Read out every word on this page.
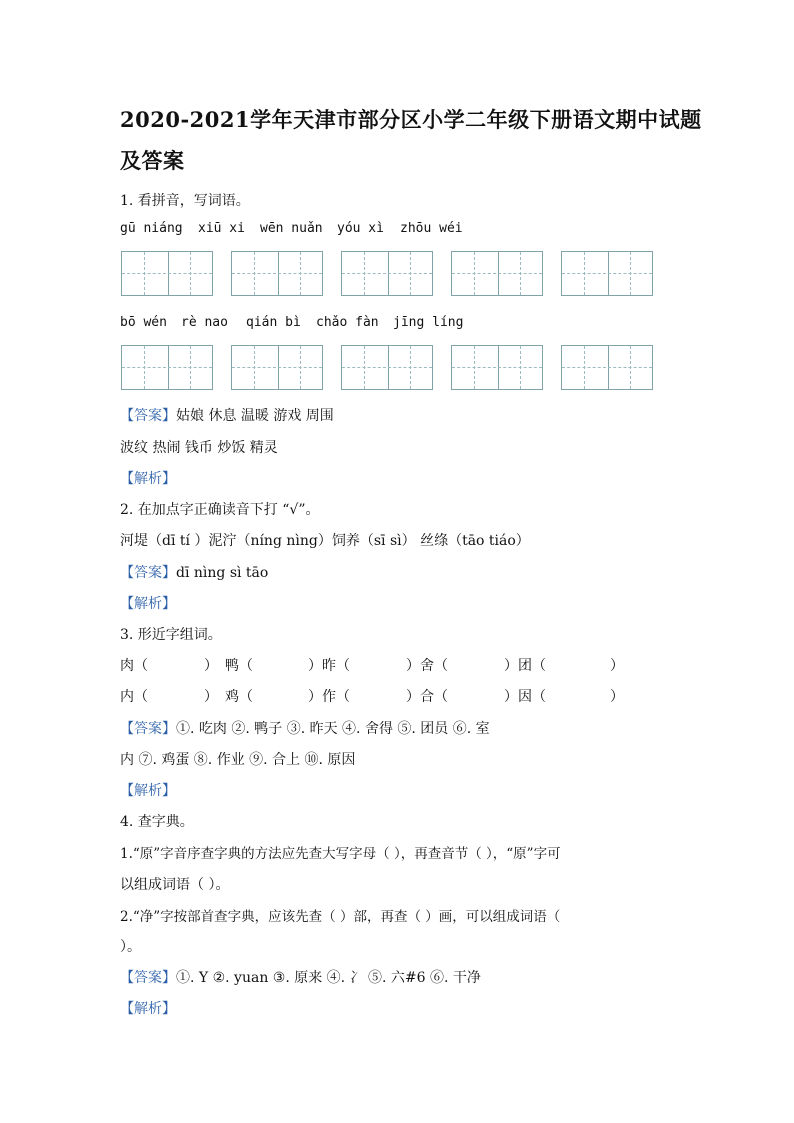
2020-2021学年天津市部分区小学二年级下册语文期中试题
及答案
1. 看拼音，写词语。
gū niáng xiū xi wēn nuǎn yóu xì zhōu wéi
bō wén rè nao qián bì chǎo fàn jīng líng
【答案】姑娘 休息 温暖 游戏 周围
波纹 热闹 钱币 炒饭 精灵
【解析】
2. 在加点字正确读音下打 “√”。
河堤（dī tí ）泥泞（níng nìng）饲养（sī sì） 丝绦（tāo tiáo）
【答案】dī nìng sì tāo
【解析】
3. 形近字组词。
肉（	） 鸭（	） 昨（	） 舍（	） 团（	）
内（	） 鸡（	） 作（	） 合（	） 因（	）
【答案】①. 吃肉 ②. 鸭子 ③. 昨天 ④. 舍得 ⑤. 团员 ⑥. 室
内 ⑦. 鸡蛋 ⑧. 作业 ⑨. 合上 ⑩. 原因
【解析】
4. 查字典。
1.“原”字音序查字典的方法应先查大写字母（ ），再查音节（ ），“原”字可
以组成词语（ ）。
2.“净”字按部首查字典，应该先查（ ）部，再查（ ）画，可以组成词语（
）。
【答案】①. Y ②. yuan ③. 原来 ④. 冫 ⑤. 六#6 ⑥. 干净
【解析】
